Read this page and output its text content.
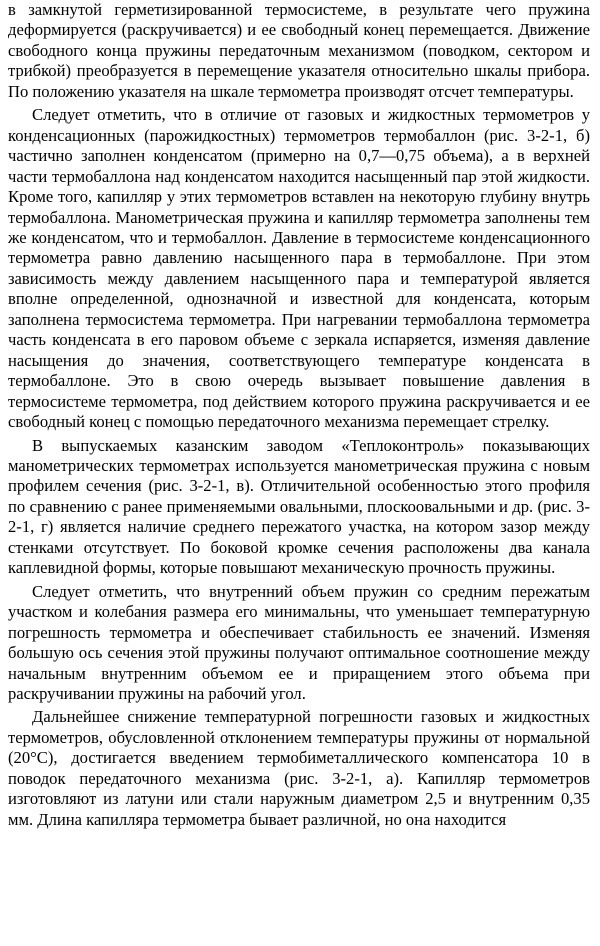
в замкнутой герметизированной термосистеме, в результате чего пружина деформируется (раскручивается) и ее свободный конец перемещается. Движение свободного конца пружины передаточным механизмом (поводком, сектором и трибкой) преобразуется в перемещение указателя относительно шкалы прибора. По положению указателя на шкале термометра производят отсчет температуры.

Следует отметить, что в отличие от газовых и жидкостных термометров у конденсационных (парожидкостных) термометров термобаллон (рис. 3-2-1, б) частично заполнен конденсатом (примерно на 0,7—0,75 объема), а в верхней части термобаллона над конденсатом находится насыщенный пар этой жидкости. Кроме того, капилляр у этих термометров вставлен на некоторую глубину внутрь термобаллона. Манометрическая пружина и капилляр термометра заполнены тем же конденсатом, что и термобаллон. Давление в термосистеме конденсационного термометра равно давлению насыщенного пара в термобаллоне. При этом зависимость между давлением насыщенного пара и температурой является вполне определенной, однозначной и известной для конденсата, которым заполнена термосистема термометра. При нагревании термобаллона термометра часть конденсата в его паровом объеме с зеркала испаряется, изменяя давление насыщения до значения, соответствующего температуре конденсата в термобаллоне. Это в свою очередь вызывает повышение давления в термосистеме термометра, под действием которого пружина раскручивается и ее свободный конец с помощью передаточного механизма перемещает стрелку.

В выпускаемых казанским заводом «Теплоконтроль» показывающих манометрических термометрах используется манометрическая пружина с новым профилем сечения (рис. 3-2-1, в). Отличительной особенностью этого профиля по сравнению с ранее применяемыми овальными, плоскоовальными и др. (рис. 3-2-1, г) является наличие среднего пережатого участка, на котором зазор между стенками отсутствует. По боковой кромке сечения расположены два канала каплевидной формы, которые повышают механическую прочность пружины.

Следует отметить, что внутренний объем пружин со средним пережатым участком и колебания размера его минимальны, что уменьшает температурную погрешность термометра и обеспечивает стабильность ее значений. Изменяя большую ось сечения этой пружины получают оптимальное соотношение между начальным внутренним объемом ее и приращением этого объема при раскручивании пружины на рабочий угол.

Дальнейшее снижение температурной погрешности газовых и жидкостных термометров, обусловленной отклонением температуры пружины от нормальной (20°С), достигается введением термобиметаллического компенсатора 10 в поводок передаточного механизма (рис. 3-2-1, а). Капилляр термометров изготовляют из латуни или стали наружным диаметром 2,5 и внутренним 0,35 мм. Длина капилляра термометра бывает различной, но она находится
